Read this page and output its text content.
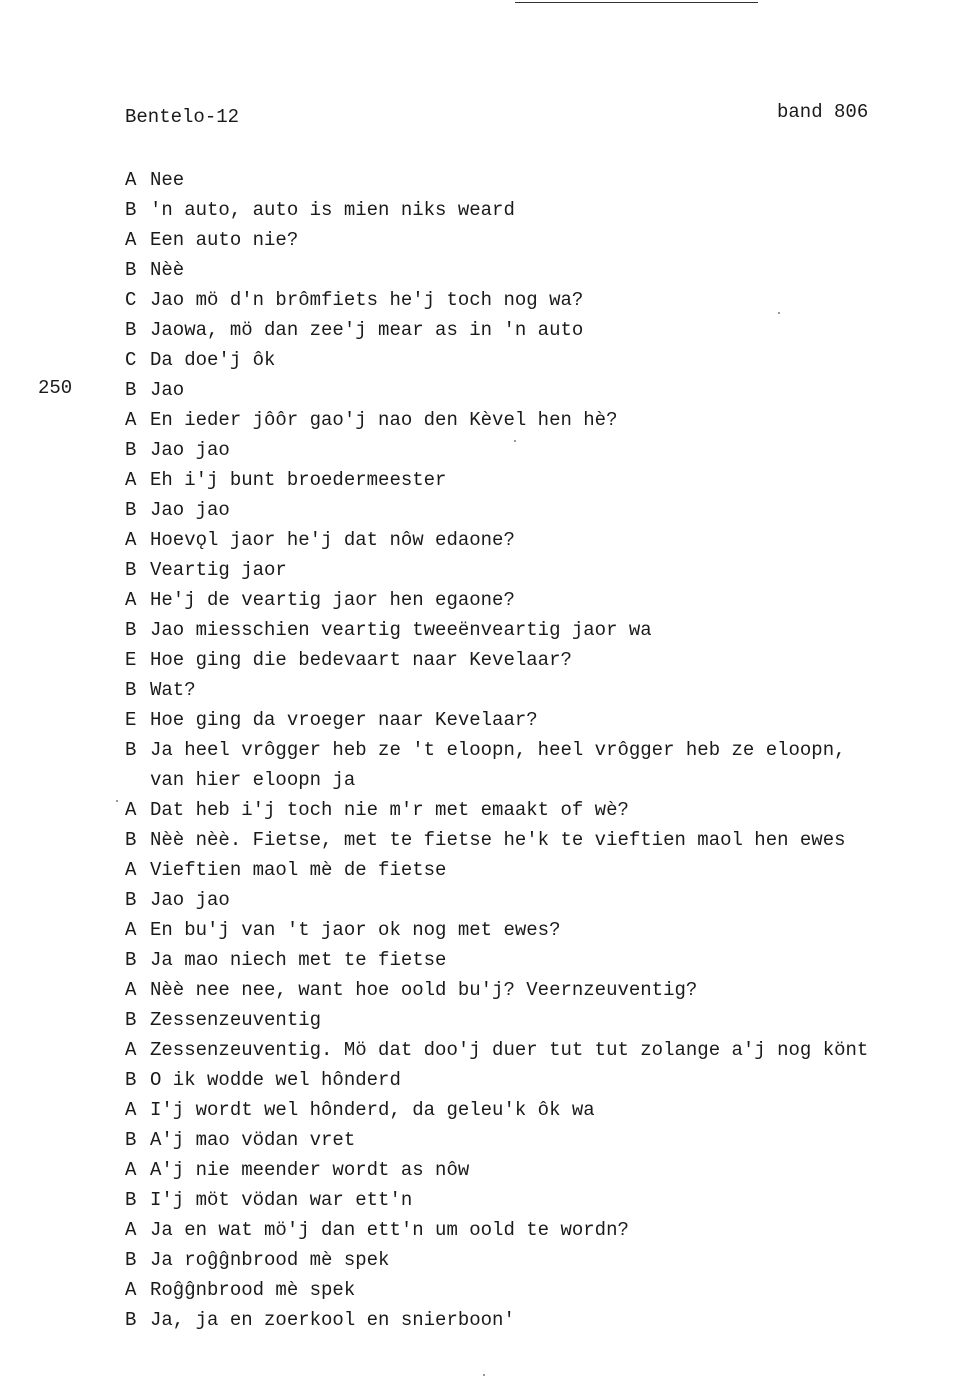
Bentelo-12	band 806
250
A Nee
B 'n auto, auto is mien niks weard
A Een auto nie?
B Nèè
C Jao mö d'n brômfiets he'j toch nog wa?
B Jaowa, mö dan zee'j mear as in 'n auto
C Da doe'j ôk
B Jao
A En ieder jôôr gao'j nao den Kèvel hen hè?
B Jao jao
A Eh i'j bunt broedermeester
B Jao jao
A Hoevǫl jaor he'j dat nôw edaone?
B Veartig jaor
A He'j de veartig jaor hen egaone?
B Jao miesschien veartig tweeënveartig jaor wa
E Hoe ging die bedevaart naar Kevelaar?
B Wat?
E Hoe ging da vroeger naar Kevelaar?
B Ja heel vrôgger heb ze 't eloopn, heel vrôgger heb ze eloopn,
van hier eloopn ja
A Dat heb i'j toch nie m'r met emaakt of wè?
B Nèè nèè. Fietse, met te fietse he'k te vieftien maol hen ewes
A Vieftien maol mè de fietse
B Jao jao
A En bu'j van 't jaor ok nog met ewes?
B Ja mao niech met te fietse
A Nèè nee nee, want hoe oold bu'j? Veernzeuventig?
B Zessenzeuventig
A Zessenzeuventig. Mö dat doo'j duer tut tut zolange a'j nog könt
B O ik wodde wel hônderd
A I'j wordt wel hônderd, da geleu'k ôk wa
B A'j mao vödan vret
A A'j nie meender wordt as nôw
B I'j möt vödan war ett'n
A Ja en wat mö'j dan ett'n um oold te wordn?
B Ja roĝĝnbrood mè spek
A Roĝĝnbrood mè spek
B Ja, ja en zoerkool en snierboon'
